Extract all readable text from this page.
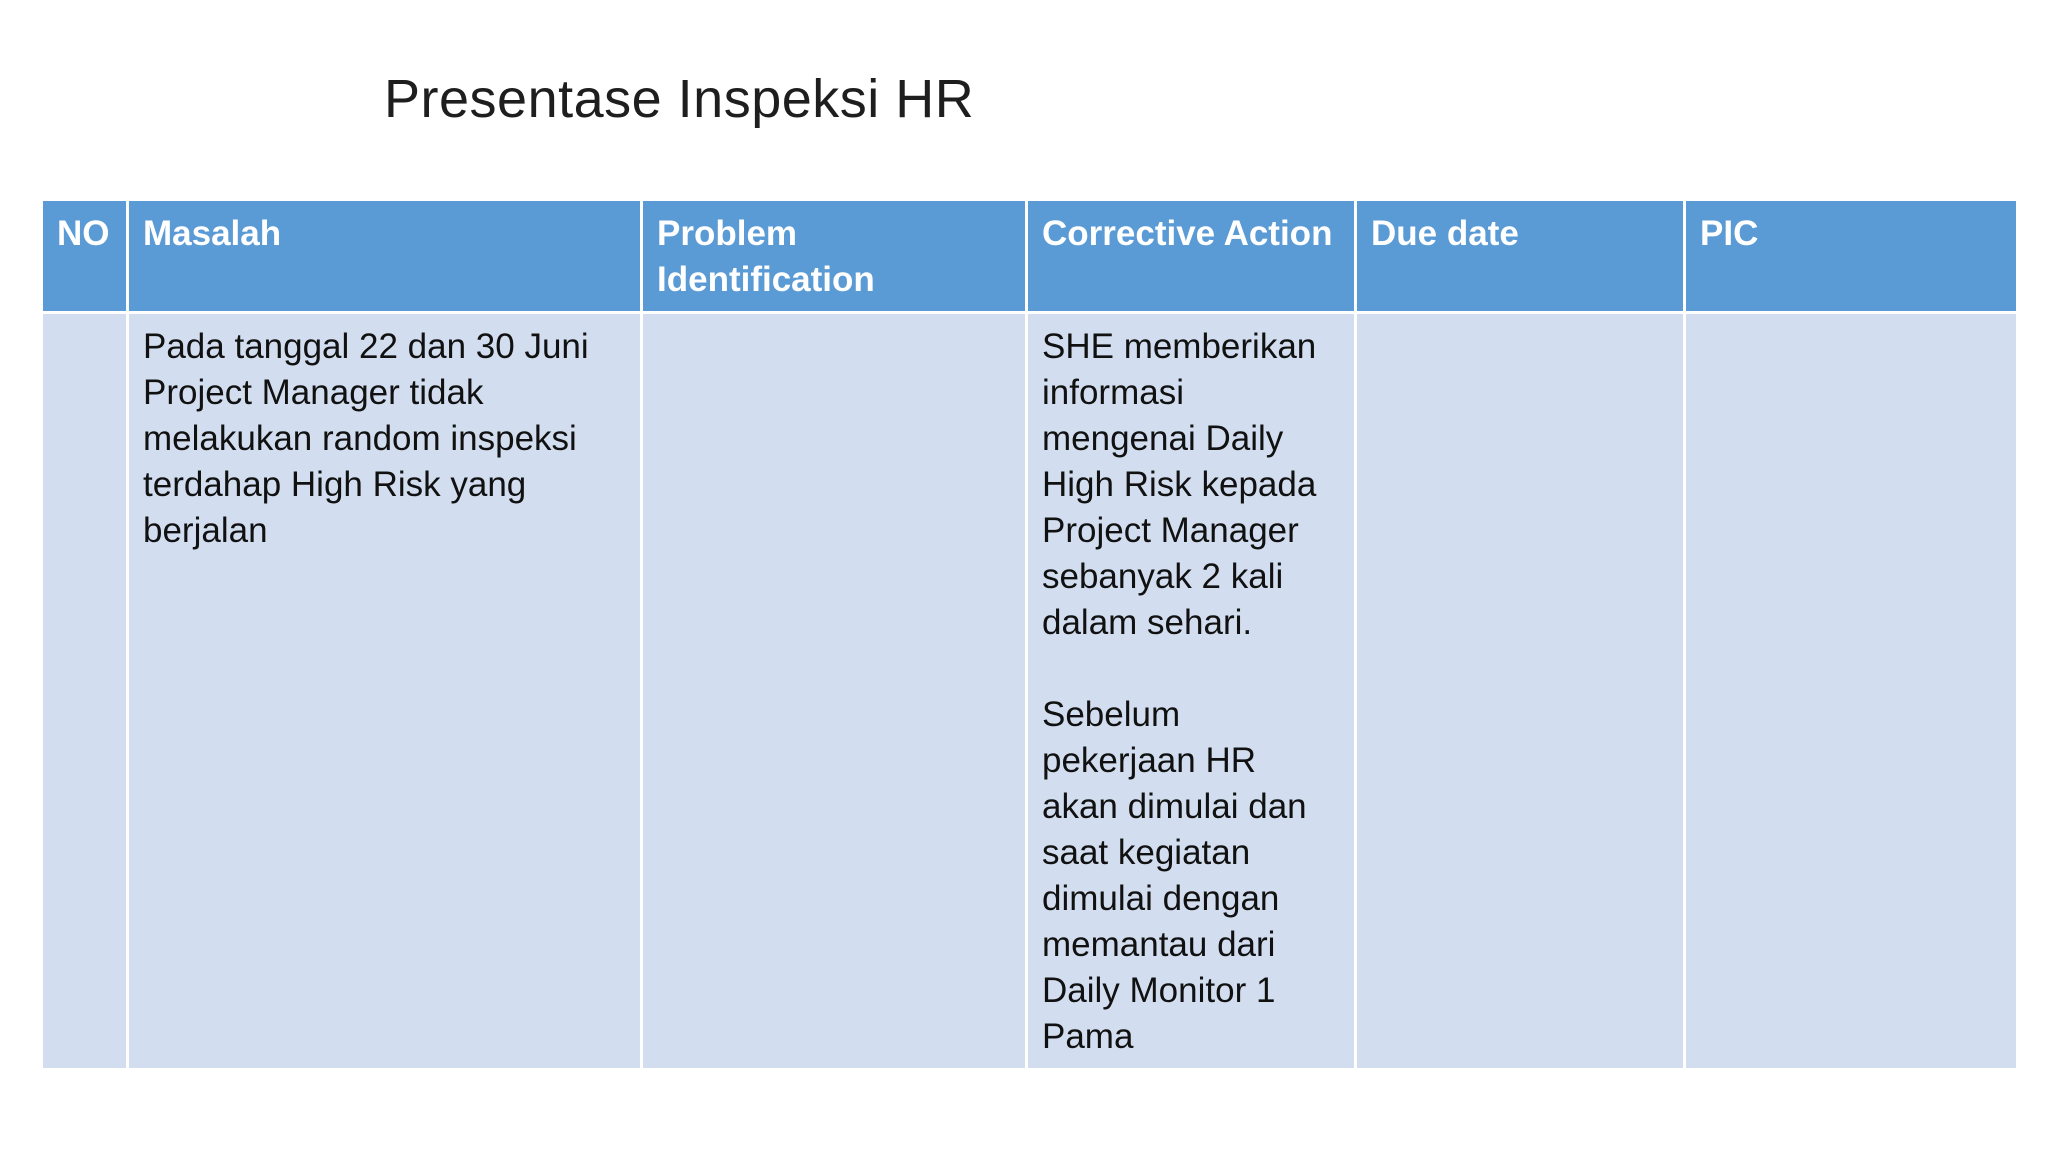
Presentase Inspeksi HR
NO	Masalah	Problem Identification	Corrective Action	Due date	PIC
	Pada tanggal 22 dan 30 Juni Project Manager tidak melakukan random inspeksi terdahap High Risk yang berjalan		SHE memberikan informasi mengenai Daily High Risk kepada Project Manager sebanyak 2 kali dalam sehari.

Sebelum pekerjaan HR akan dimulai dan saat kegiatan dimulai dengan memantau dari Daily Monitor 1 Pama		
